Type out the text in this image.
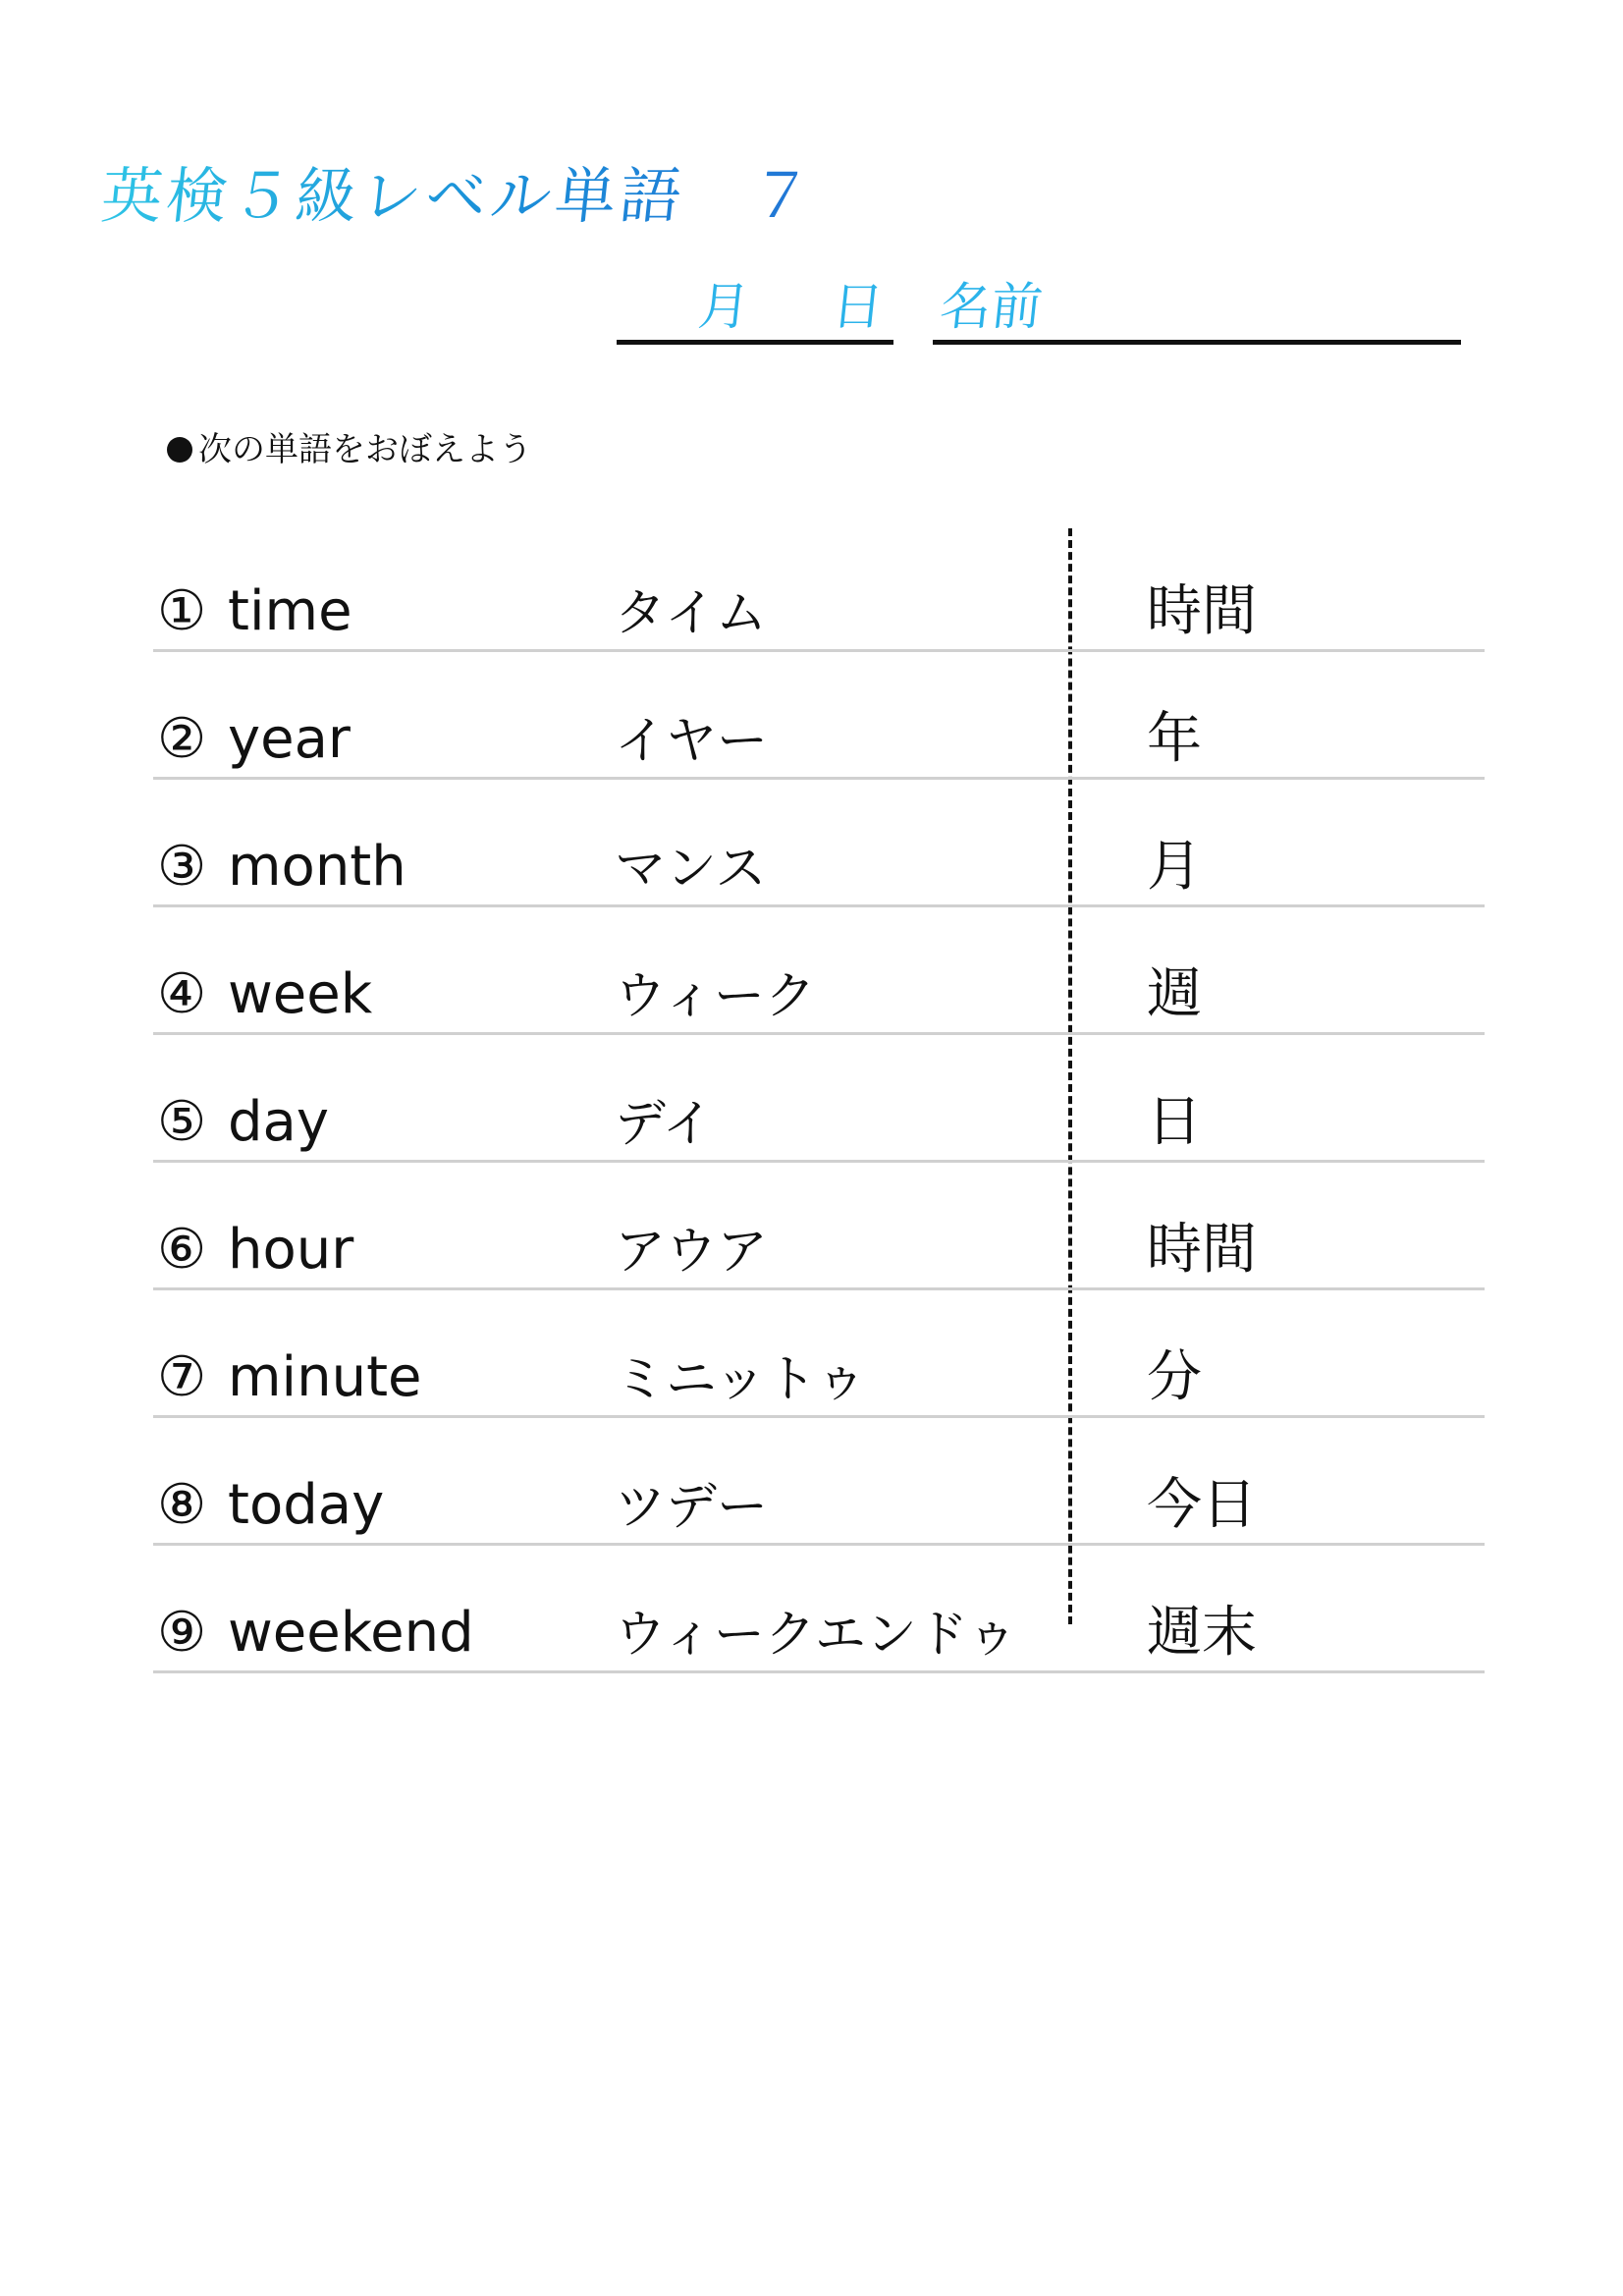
英検５級レベル単語　７
月 日 名前
次の単語をおぼえよう
① time	タイム	時間
② year	イヤー	年
③ month	マンス	月
④ week	ウィーク	週
⑤ day	デイ	日
⑥ hour	アウア	時間
⑦ minute	ミニットゥ	分
⑧ today	ツデー	今日
⑨ weekend	ウィークエンドゥ 週末
